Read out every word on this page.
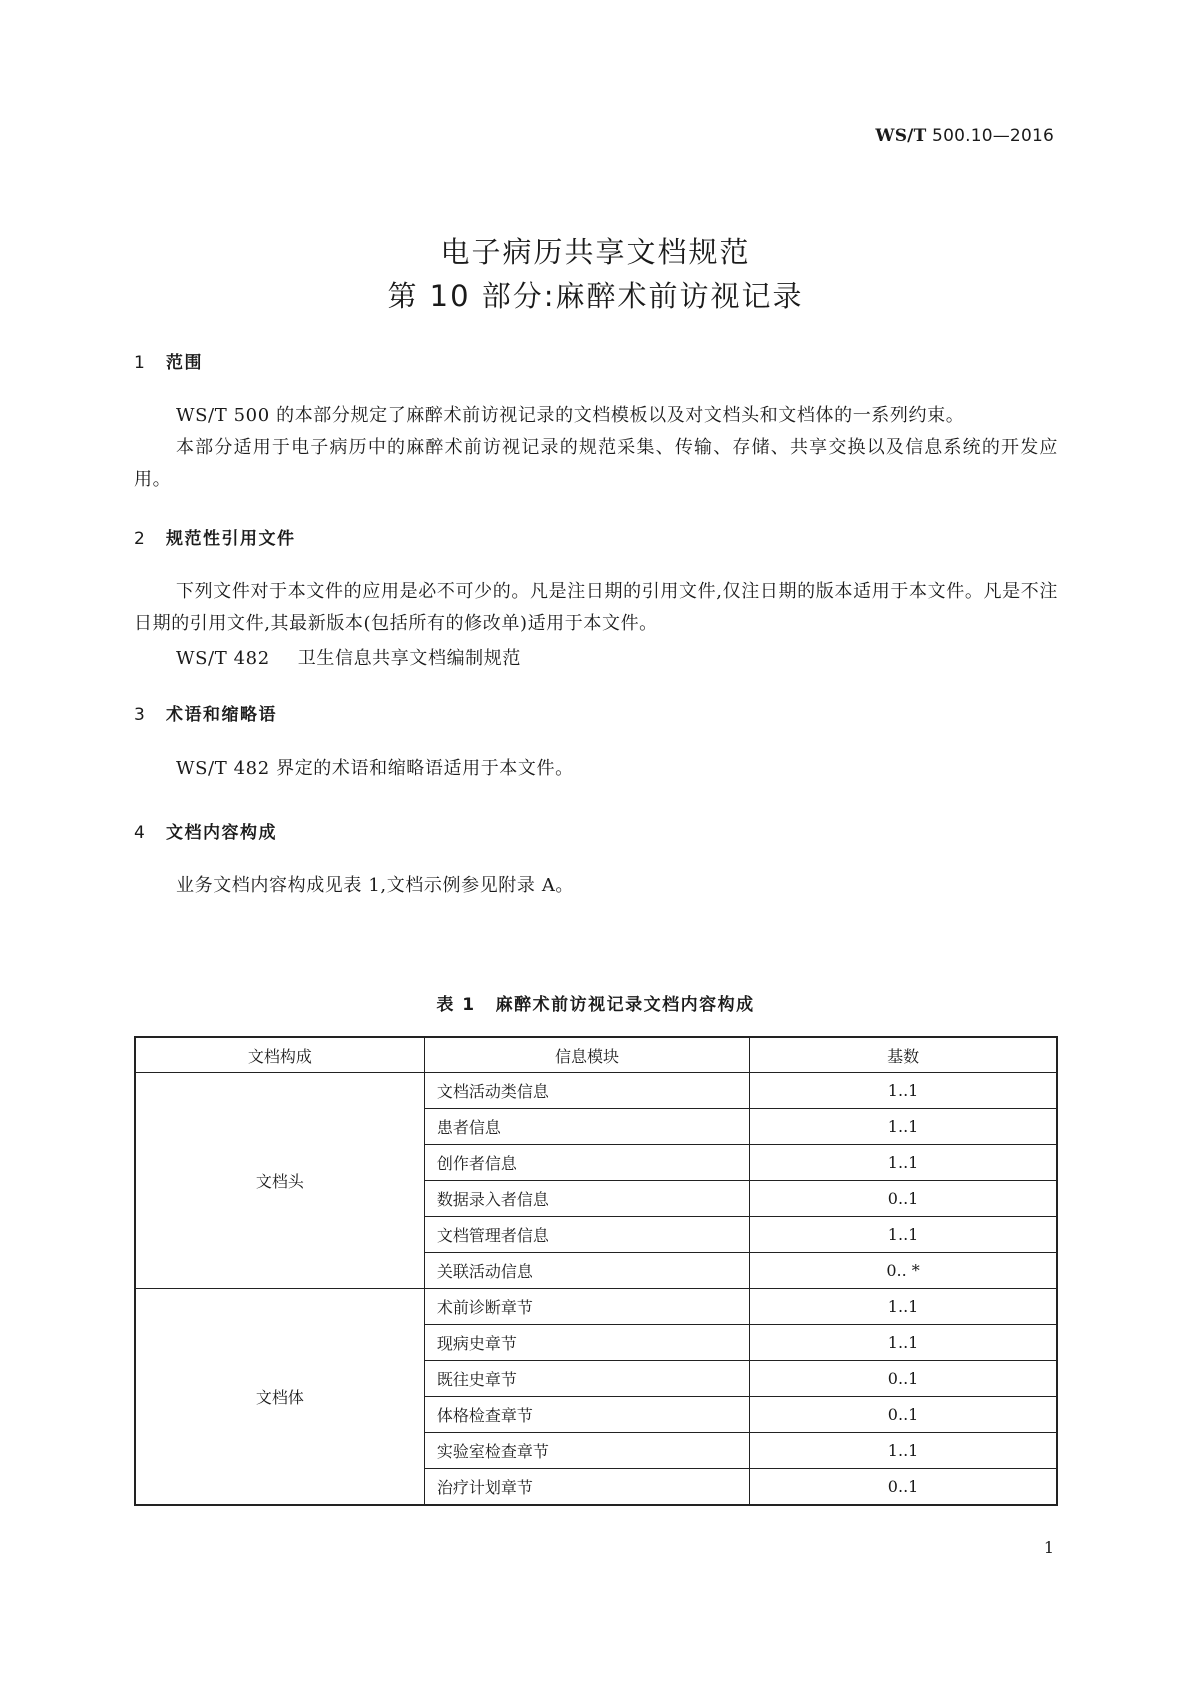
WS/T 500.10—2016
电子病历共享文档规范
第 10 部分:麻醉术前访视记录
1 范围
WS/T 500 的本部分规定了麻醉术前访视记录的文档模板以及对文档头和文档体的一系列约束。
本部分适用于电子病历中的麻醉术前访视记录的规范采集、传输、存储、共享交换以及信息系统的开发应用。
2 规范性引用文件
下列文件对于本文件的应用是必不可少的。凡是注日期的引用文件,仅注日期的版本适用于本文件。凡是不注日期的引用文件,其最新版本(包括所有的修改单)适用于本文件。
WS/T 482 卫生信息共享文档编制规范
3 术语和缩略语
WS/T 482 界定的术语和缩略语适用于本文件。
4 文档内容构成
业务文档内容构成见表 1,文档示例参见附录 A。
表 1 麻醉术前访视记录文档内容构成
文档构成	信息模块	基数
文档头	文档活动类信息	1..1
	患者信息	1..1
	创作者信息	1..1
	数据录入者信息	0..1
	文档管理者信息	1..1
	关联活动信息	0.. *
文档体	术前诊断章节	1..1
	现病史章节	1..1
	既往史章节	0..1
	体格检查章节	0..1
	实验室检查章节	1..1
	治疗计划章节	0..1
1
